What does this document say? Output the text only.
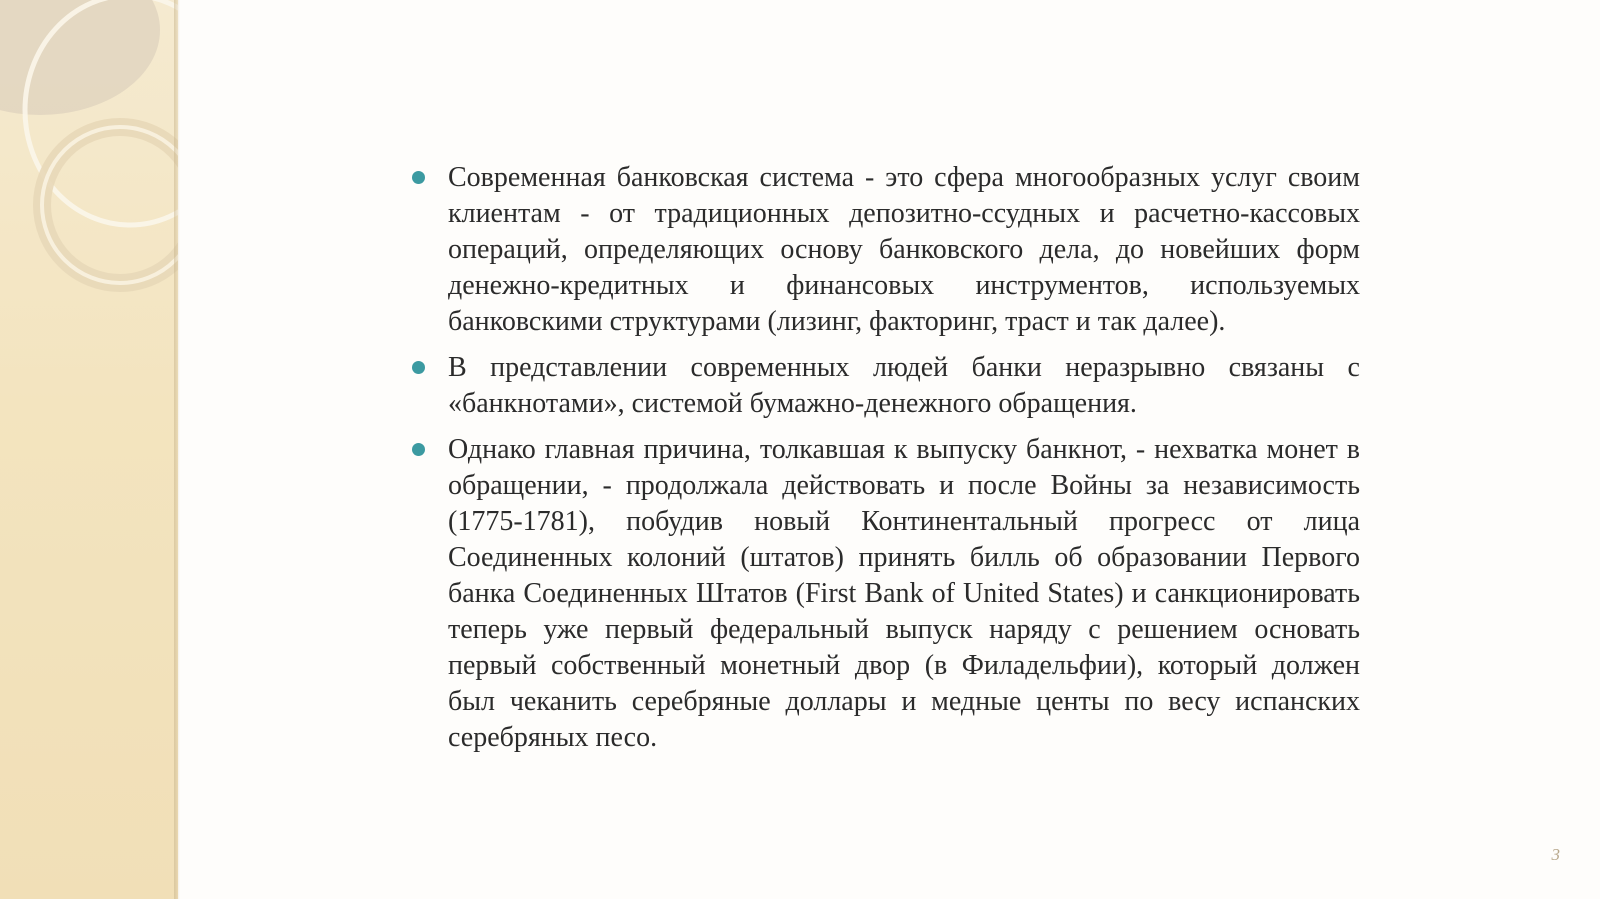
Современная банковская система - это сфера многообразных услуг своим клиентам - от традиционных депозитно-ссудных и расчетно-кассовых операций, определяющих основу банковского дела, до новейших форм денежно-кредитных и финансовых инструментов, используемых банковскими структурами (лизинг, факторинг, траст и так далее).
В представлении современных людей банки неразрывно связаны с «банкнотами», системой бумажно-денежного обращения.
Однако главная причина, толкавшая к выпуску банкнот, - нехватка монет в обращении, - продолжала действовать и после Войны за независимость (1775-1781), побудив новый Континентальный прогресс от лица Соединенных колоний (штатов) принять билль об образовании Первого банка Соединенных Штатов (First Bank of United States) и санкционировать теперь уже первый федеральный выпуск наряду с решением основать первый собственный монетный двор (в Филадельфии), который должен был чеканить серебряные доллары и медные центы по весу испанских серебряных песо.
3
